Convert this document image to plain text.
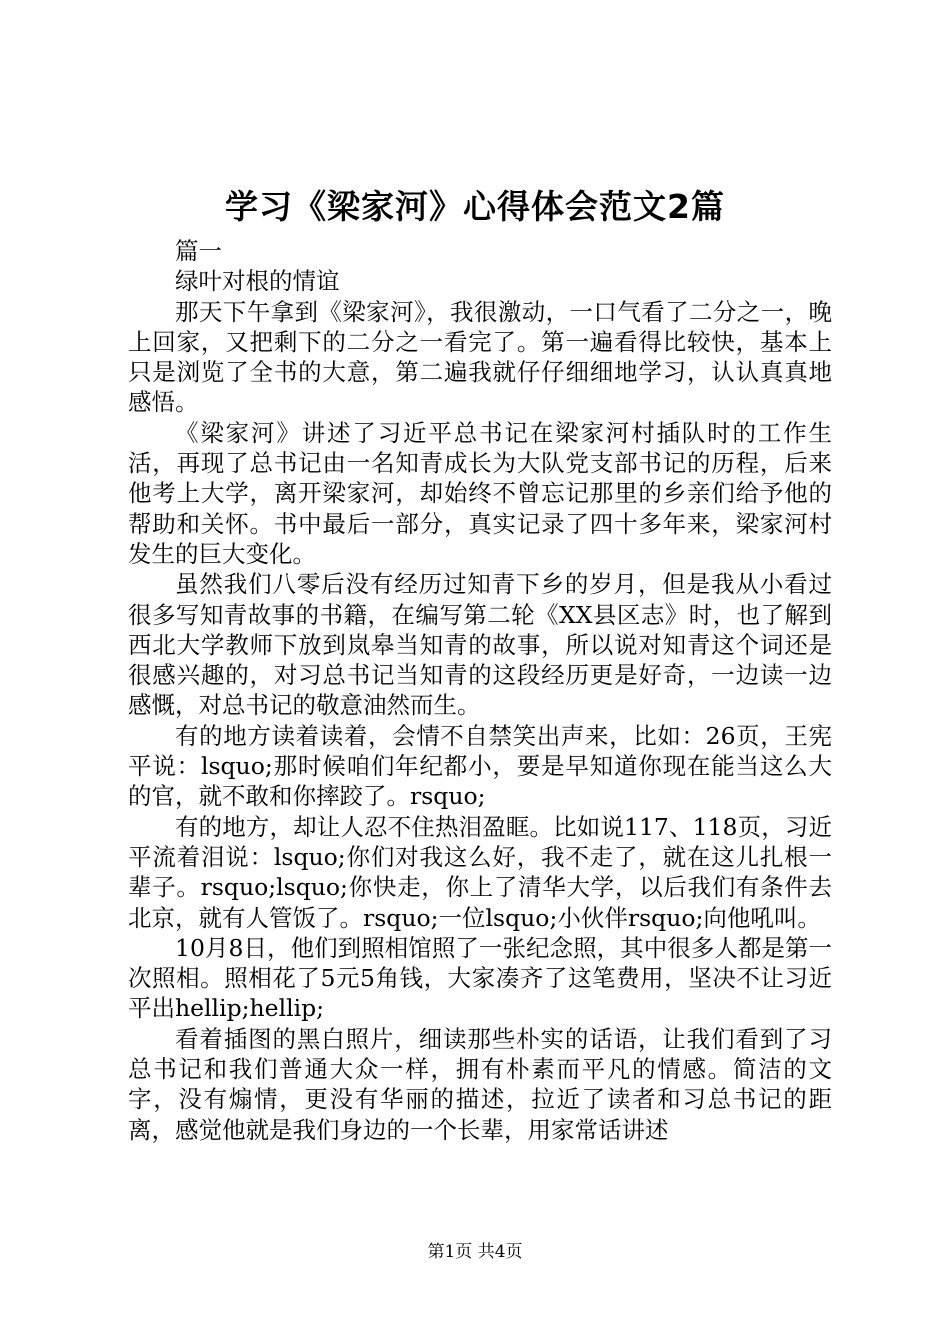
学习《梁家河》心得体会范文2篇

篇一

绿叶对根的情谊

那天下午拿到《梁家河》，我很激动，一口气看了二分之一，晚上回家，又把剩下的二分之一看完了。第一遍看得比较快，基本上只是浏览了全书的大意，第二遍我就仔仔细细地学习，认认真真地感悟。

《梁家河》讲述了习近平总书记在梁家河村插队时的工作生活，再现了总书记由一名知青成长为大队党支部书记的历程，后来他考上大学，离开梁家河，却始终不曾忘记那里的乡亲们给予他的帮助和关怀。书中最后一部分，真实记录了四十多年来，梁家河村发生的巨大变化。

虽然我们八零后没有经历过知青下乡的岁月，但是我从小看过很多写知青故事的书籍，在编写第二轮《XX县区志》时，也了解到西北大学教师下放到岚皋当知青的故事，所以说对知青这个词还是很感兴趣的，对习总书记当知青的这段经历更是好奇，一边读一边感慨，对总书记的敬意油然而生。

有的地方读着读着，会情不自禁笑出声来，比如：26页，王宪平说：lsquo;那时候咱们年纪都小，要是早知道你现在能当这么大的官，就不敢和你摔跤了。rsquo;

有的地方，却让人忍不住热泪盈眶。比如说117、118页，习近平流着泪说：lsquo;你们对我这么好，我不走了，就在这儿扎根一辈子。rsquo;lsquo;你快走，你上了清华大学，以后我们有条件去北京，就有人管饭了。rsquo;一位lsquo;小伙伴rsquo;向他吼叫。

10月8日，他们到照相馆照了一张纪念照，其中很多人都是第一次照相。照相花了5元5角钱，大家凑齐了这笔费用，坚决不让习近平出hellip;hellip;

看着插图的黑白照片，细读那些朴实的话语，让我们看到了习总书记和我们普通大众一样，拥有朴素而平凡的情感。简洁的文字，没有煽情，更没有华丽的描述，拉近了读者和习总书记的距离，感觉他就是我们身边的一个长辈，用家常话讲述

第1页 共4页
